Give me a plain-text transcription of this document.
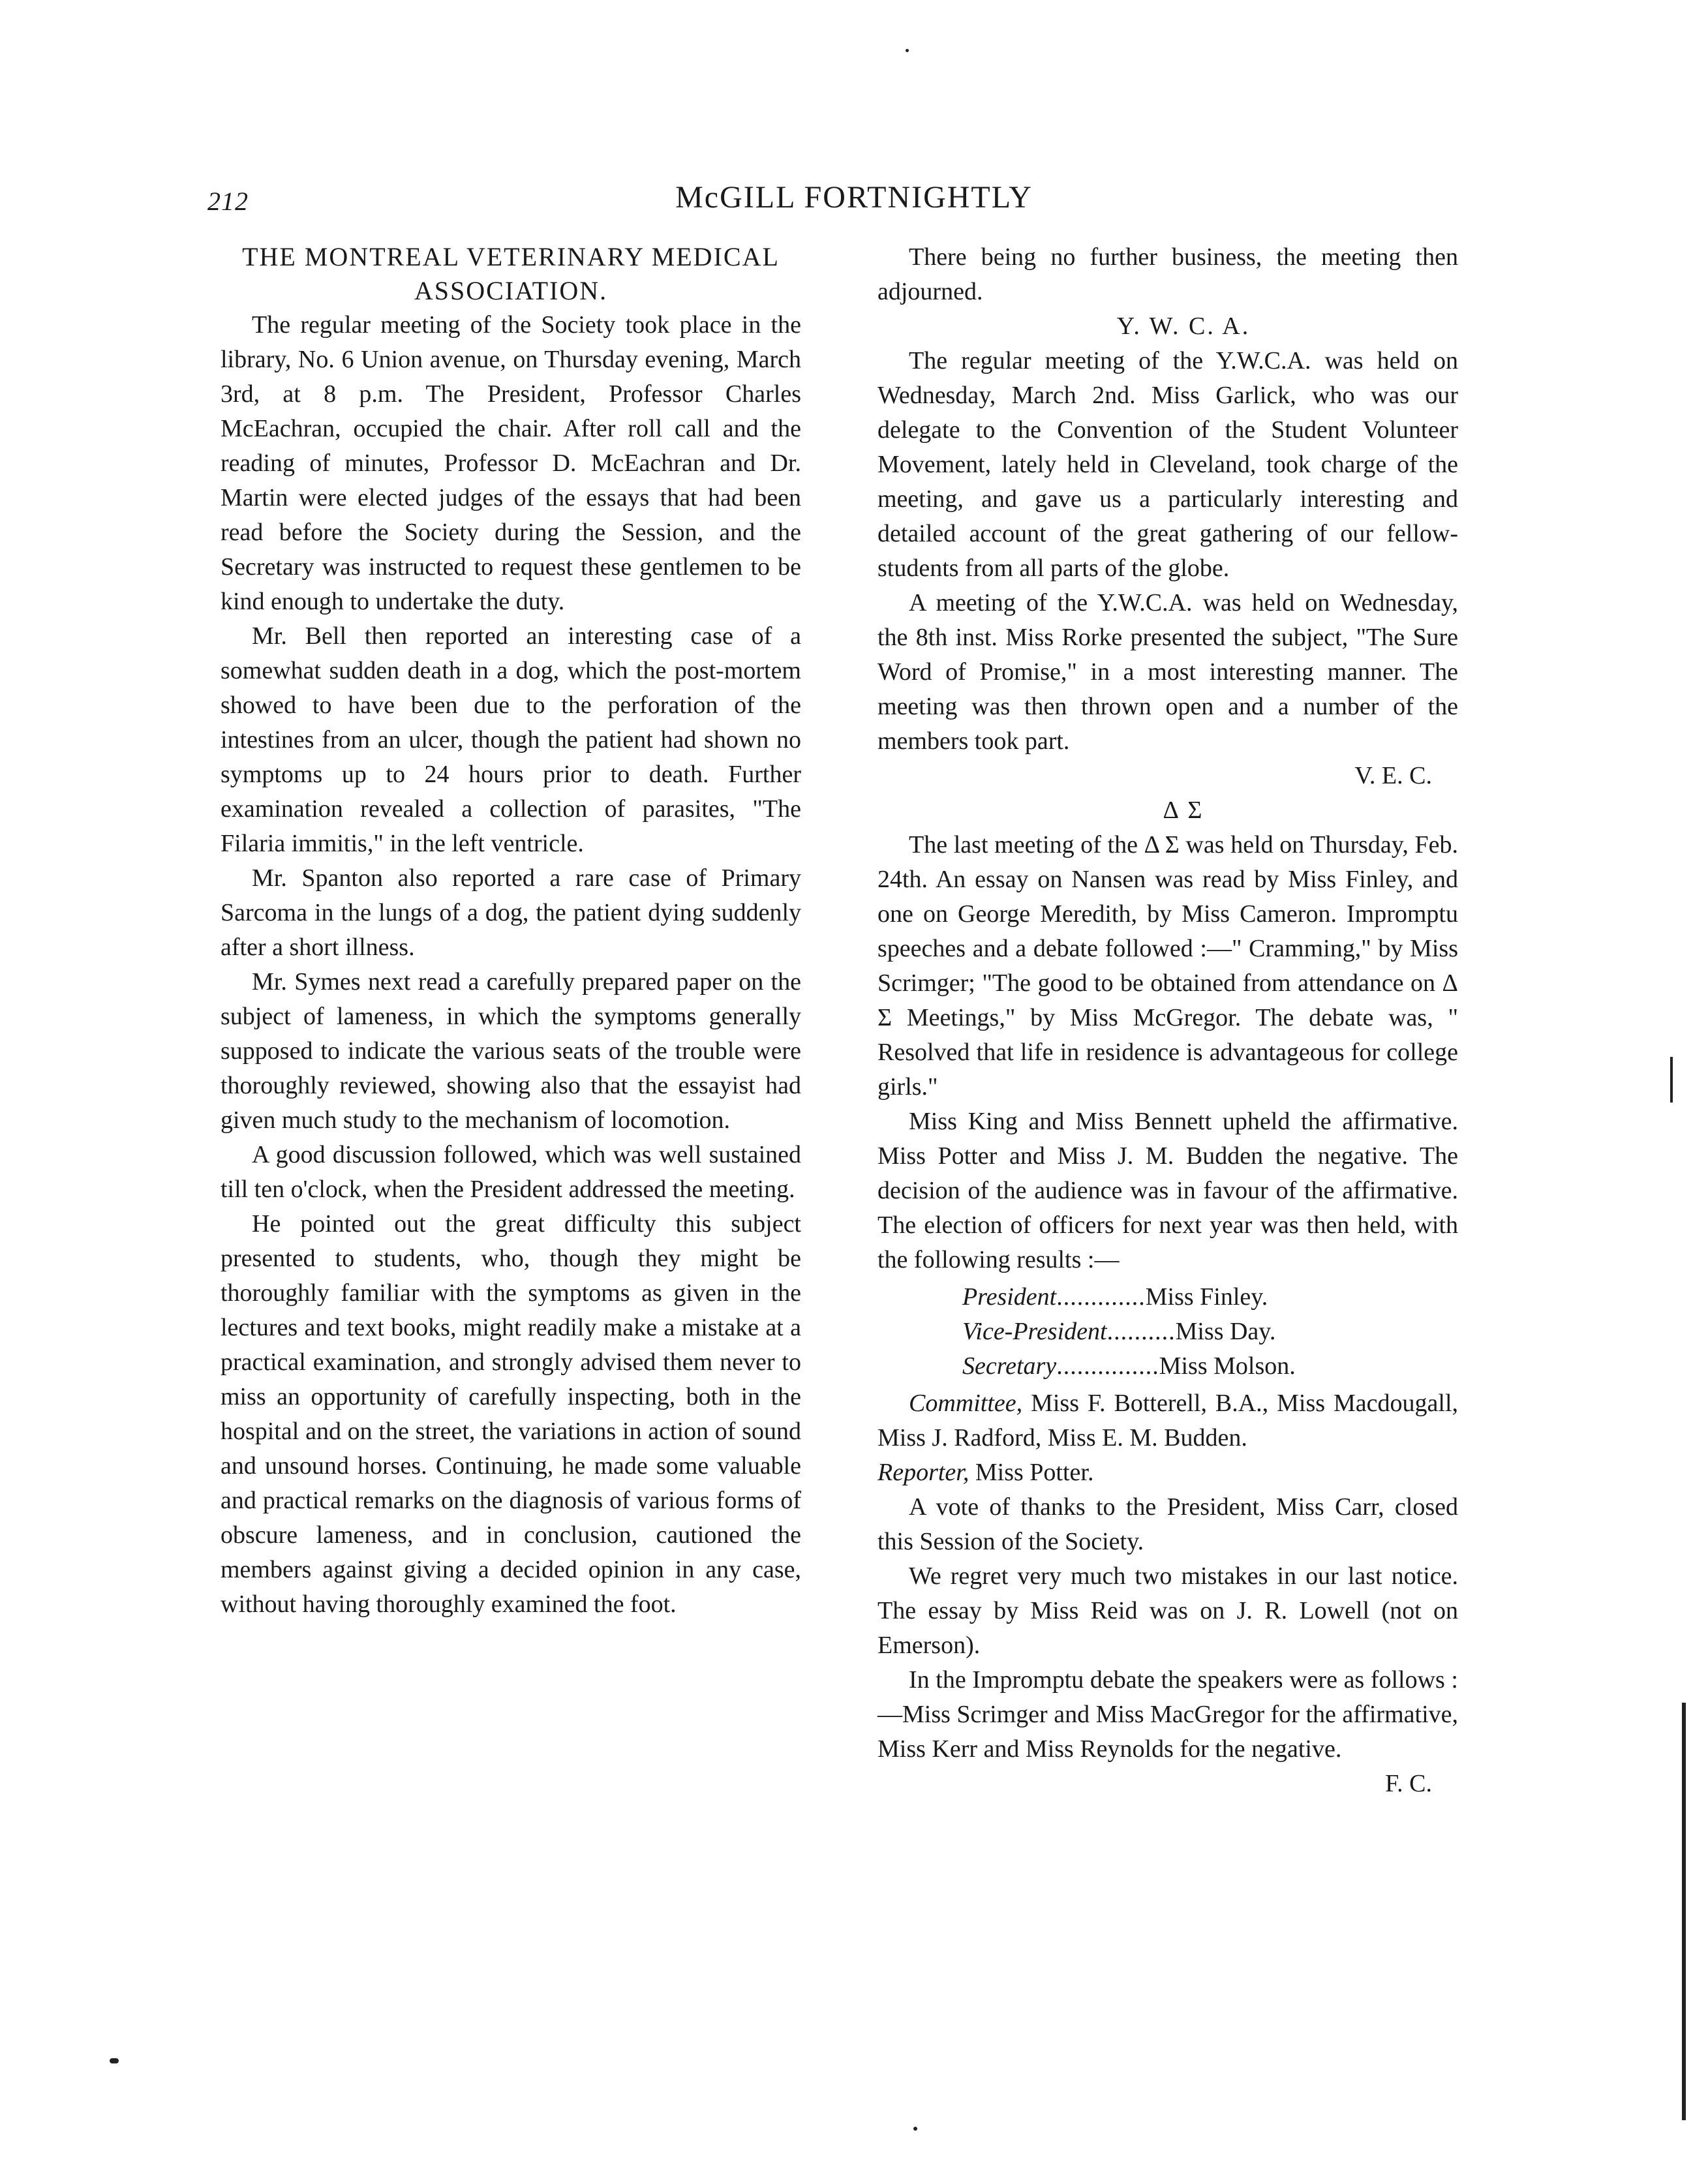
212	McGILL FORTNIGHTLY

THE MONTREAL VETERINARY MEDICAL ASSOCIATION.

The regular meeting of the Society took place in the library, No. 6 Union avenue, on Thursday evening, March 3rd, at 8 p.m. The President, Professor Charles McEachran, occupied the chair. After roll call and the reading of minutes, Professor D. McEachran and Dr. Martin were elected judges of the essays that had been read before the Society during the Session, and the Secretary was instructed to request these gentlemen to be kind enough to undertake the duty.

Mr. Bell then reported an interesting case of a somewhat sudden death in a dog, which the post-mortem showed to have been due to the perforation of the intestines from an ulcer, though the patient had shown no symptoms up to 24 hours prior to death. Further examination revealed a collection of parasites, "The Filaria immitis," in the left ventricle.

Mr. Spanton also reported a rare case of Primary Sarcoma in the lungs of a dog, the patient dying suddenly after a short illness.

Mr. Symes next read a carefully prepared paper on the subject of lameness, in which the symptoms generally supposed to indicate the various seats of the trouble were thoroughly reviewed, showing also that the essayist had given much study to the mechanism of locomotion.

A good discussion followed, which was well sustained till ten o'clock, when the President addressed the meeting.

He pointed out the great difficulty this subject presented to students, who, though they might be thoroughly familiar with the symptoms as given in the lectures and text books, might readily make a mistake at a practical examination, and strongly advised them never to miss an opportunity of carefully inspecting, both in the hospital and on the street, the variations in action of sound and unsound horses. Continuing, he made some valuable and practical remarks on the diagnosis of various forms of obscure lameness, and in conclusion, cautioned the members against giving a decided opinion in any case, without having thoroughly examined the foot.

There being no further business, the meeting then adjourned.

Y. W. C. A.

The regular meeting of the Y.W.C.A. was held on Wednesday, March 2nd. Miss Garlick, who was our delegate to the Convention of the Student Volunteer Movement, lately held in Cleveland, took charge of the meeting, and gave us a particularly interesting and detailed account of the great gathering of our fellow-students from all parts of the globe.

A meeting of the Y.W.C.A. was held on Wednesday, the 8th inst. Miss Rorke presented the subject, "The Sure Word of Promise," in a most interesting manner. The meeting was then thrown open and a number of the members took part.

V. E. C.

Δ Σ

The last meeting of the Δ Σ was held on Thursday, Feb. 24th. An essay on Nansen was read by Miss Finley, and one on George Meredith, by Miss Cameron. Impromptu speeches and a debate followed :—" Cramming," by Miss Scrimger; "The good to be obtained from attendance on Δ Σ Meetings," by Miss McGregor. The debate was, " Resolved that life in residence is advantageous for college girls."

Miss King and Miss Bennett upheld the affirmative. Miss Potter and Miss J. M. Budden the negative. The decision of the audience was in favour of the affirmative. The election of officers for next year was then held, with the following results :—

President.............Miss Finley.
Vice-President..........Miss Day.
Secretary...............Miss Molson.

Committee, Miss F. Botterell, B.A., Miss Macdougall, Miss J. Radford, Miss E. M. Budden.

Reporter, Miss Potter.

A vote of thanks to the President, Miss Carr, closed this Session of the Society.

We regret very much two mistakes in our last notice. The essay by Miss Reid was on J. R. Lowell (not on Emerson).

In the Impromptu debate the speakers were as follows :—Miss Scrimger and Miss MacGregor for the affirmative, Miss Kerr and Miss Reynolds for the negative.

F. C.
